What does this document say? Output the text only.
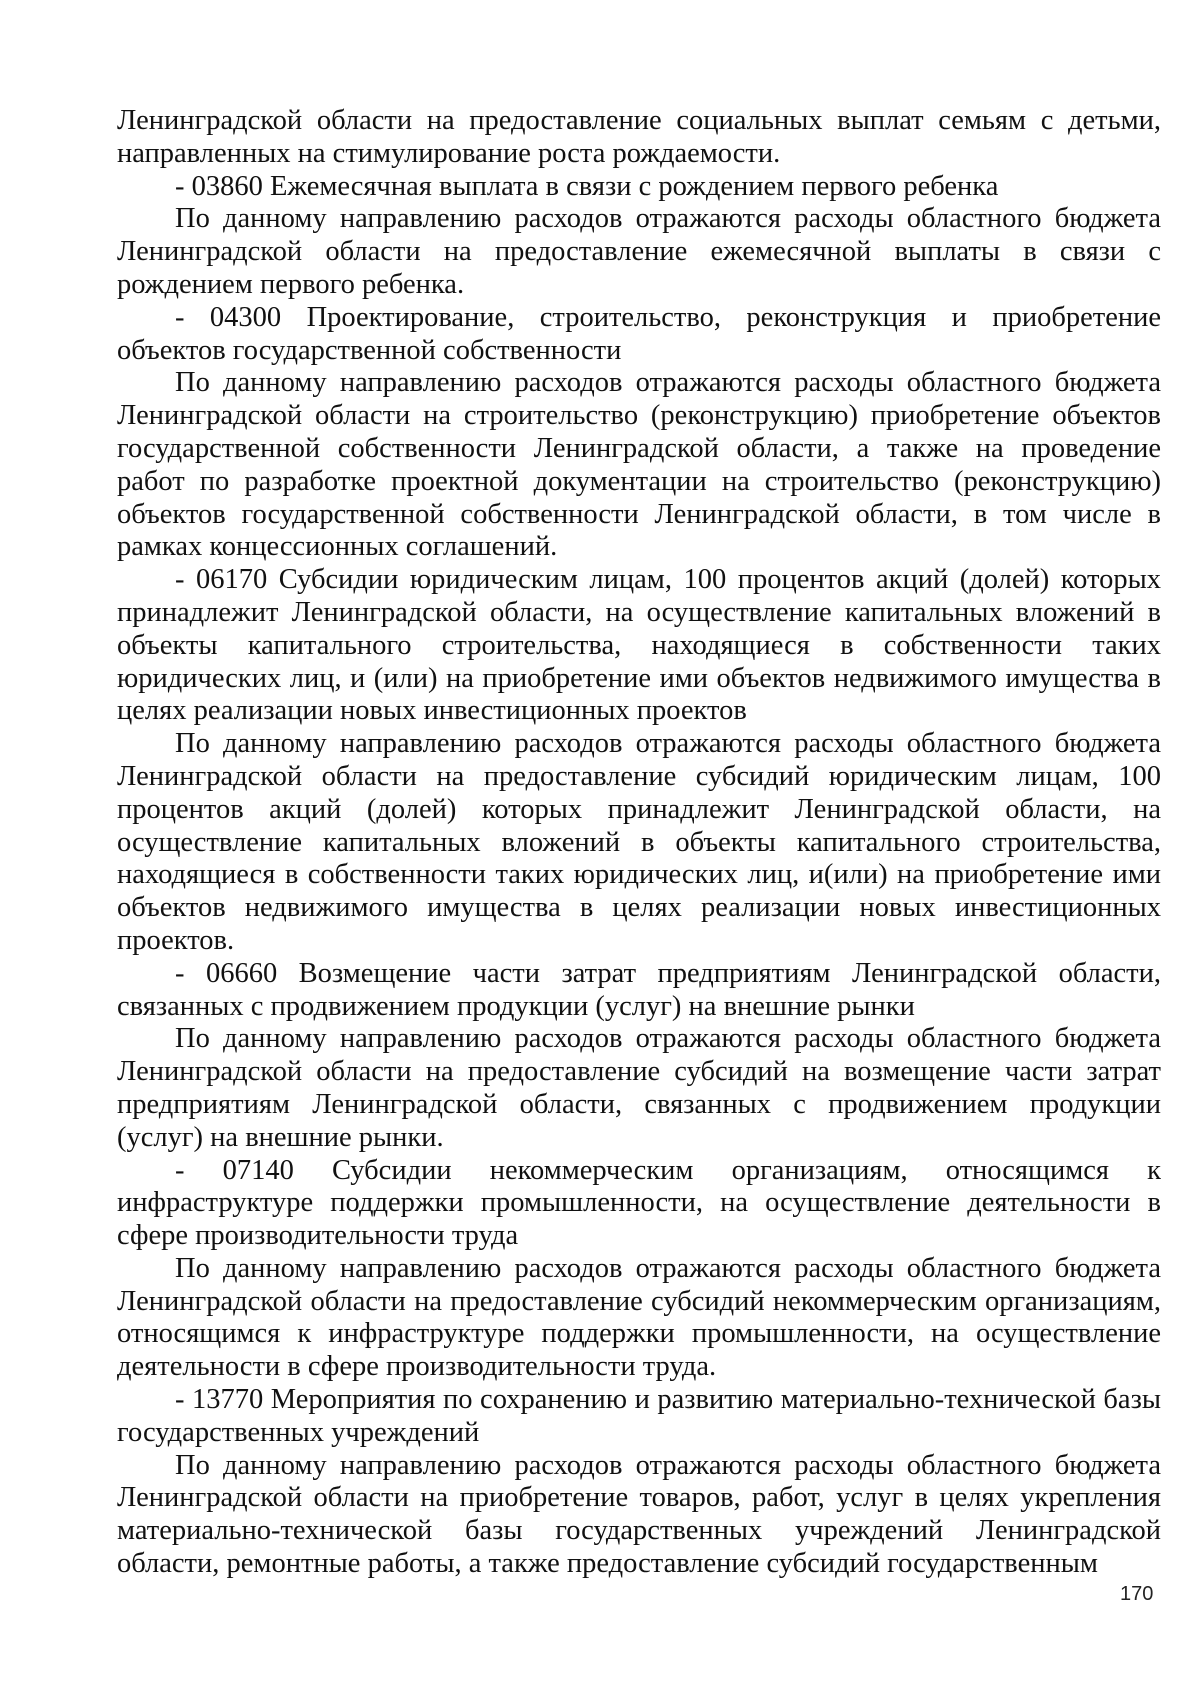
Ленинградской области на предоставление социальных выплат семьям с детьми, направленных на стимулирование роста рождаемости.

- 03860 Ежемесячная выплата в связи с рождением первого ребенка

По данному направлению расходов отражаются расходы областного бюджета Ленинградской области на предоставление ежемесячной выплаты в связи с рождением первого ребенка.

- 04300 Проектирование, строительство, реконструкция и приобретение объектов государственной собственности

По данному направлению расходов отражаются расходы областного бюджета Ленинградской области на строительство (реконструкцию) приобретение объектов государственной собственности Ленинградской области, а также на проведение работ по разработке проектной документации на строительство (реконструкцию) объектов государственной собственности Ленинградской области, в том числе в рамках концессионных соглашений.

- 06170 Субсидии юридическим лицам, 100 процентов акций (долей) которых принадлежит Ленинградской области, на осуществление капитальных вложений в объекты капитального строительства, находящиеся в собственности таких юридических лиц, и (или) на приобретение ими объектов недвижимого имущества в целях реализации новых инвестиционных проектов

По данному направлению расходов отражаются расходы областного бюджета Ленинградской области на предоставление субсидий юридическим лицам, 100 процентов акций (долей) которых принадлежит Ленинградской области, на осуществление капитальных вложений в объекты капитального строительства, находящиеся в собственности таких юридических лиц, и(или) на приобретение ими объектов недвижимого имущества в целях реализации новых инвестиционных проектов.

- 06660 Возмещение части затрат предприятиям Ленинградской области, связанных с продвижением продукции (услуг) на внешние рынки

По данному направлению расходов отражаются расходы областного бюджета Ленинградской области на предоставление субсидий на возмещение части затрат предприятиям Ленинградской области, связанных с продвижением продукции (услуг) на внешние рынки.

- 07140 Субсидии некоммерческим организациям, относящимся к инфраструктуре поддержки промышленности, на осуществление деятельности в сфере производительности труда

По данному направлению расходов отражаются расходы областного бюджета Ленинградской области на предоставление субсидий некоммерческим организациям, относящимся к инфраструктуре поддержки промышленности, на осуществление деятельности в сфере производительности труда.

- 13770 Мероприятия по сохранению и развитию материально-технической базы государственных учреждений

По данному направлению расходов отражаются расходы областного бюджета Ленинградской области на приобретение товаров, работ, услуг в целях укрепления материально-технической базы государственных учреждений Ленинградской области, ремонтные работы, а также предоставление субсидий государственным

170
